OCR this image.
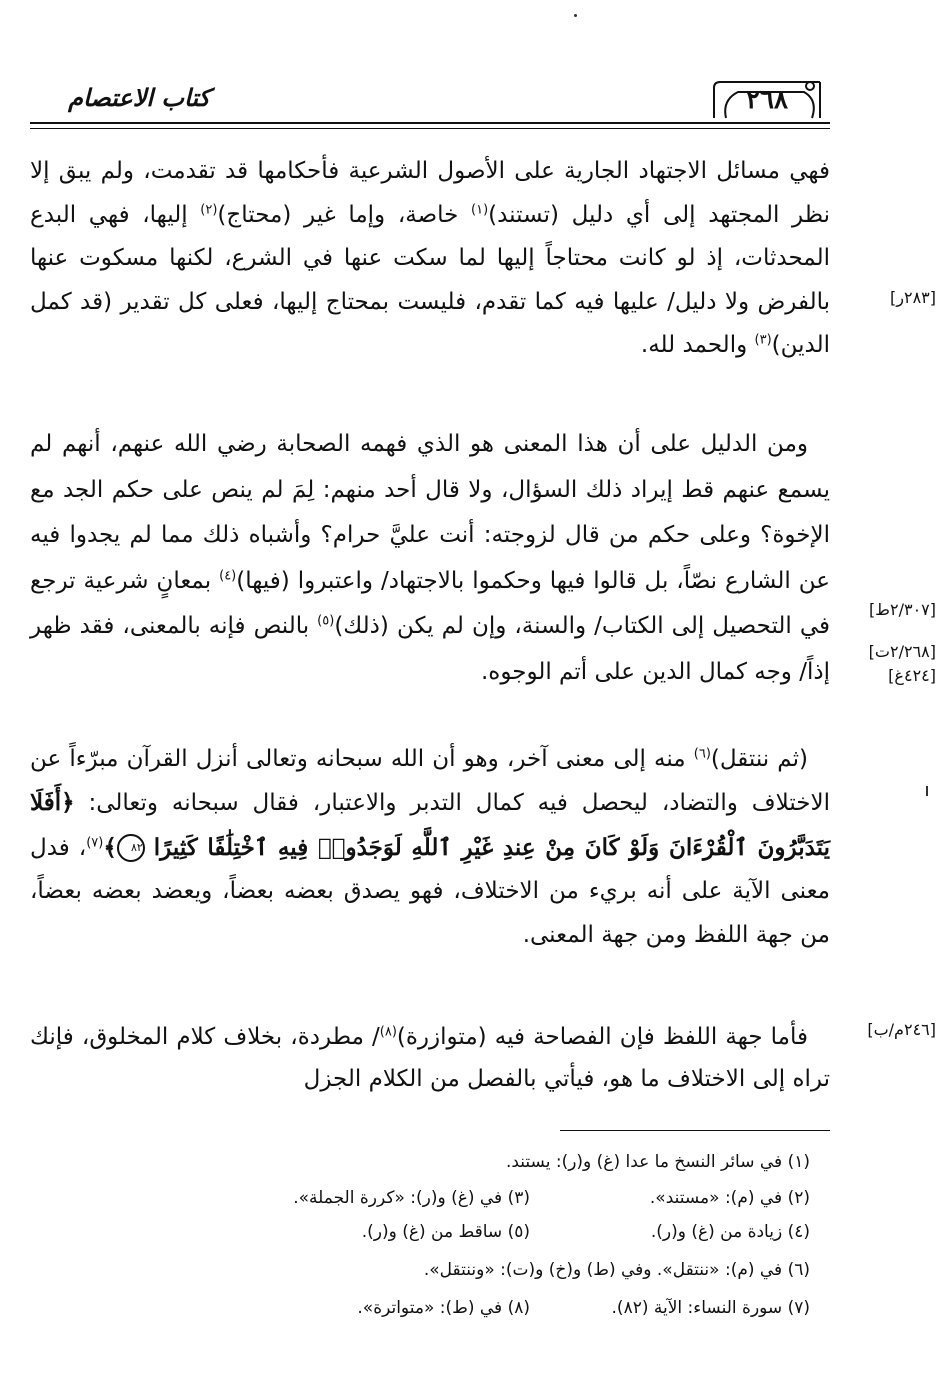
كتاب الاعتصام	٢٦٨
فهي مسائل الاجتهاد الجارية على الأصول الشرعية فأحكامها قد تقدمت، ولم يبق إلا نظر المجتهد إلى أي دليل (تستند)$^{(١)}$ خاصة، وإما غير (محتاج)$^{(٢)}$ إليها، فهي البدع المحدثات، إذ لو كانت محتاجاً إليها لما سكت عنها في الشرع، لكنها مسكوت عنها بالفرض ولا دليل/ عليها فيه كما تقدم، فليست بمحتاج إليها، فعلى كل تقدير (قد كمل الدين)$^{(٣)}$ والحمد لله.
ومن الدليل على أن هذا المعنى هو الذي فهمه الصحابة رضي الله عنهم، أنهم لم يسمع عنهم قط إيراد ذلك السؤال، ولا قال أحد منهم: لِمَ لم ينص على حكم الجد مع الإخوة؟ وعلى حكم من قال لزوجته: أنت عليَّ حرام؟ وأشباه ذلك مما لم يجدوا فيه عن الشارع نصّاً، بل قالوا فيها وحكموا بالاجتهاد/ واعتبروا (فيها)$^{(٤)}$ بمعانٍ شرعية ترجع في التحصيل إلى الكتاب/ والسنة، وإن لم يكن (ذلك)$^{(٥)}$ بالنص فإنه بالمعنى، فقد ظهر إذاً/ وجه كمال الدين على أتم الوجوه.
(ثم ننتقل)$^{(٦)}$ منه إلى معنى آخر، وهو أن الله سبحانه وتعالى أنزل القرآن مبرّءاً عن الاختلاف والتضاد، ليحصل فيه كمال التدبر والاعتبار، فقال سبحانه وتعالى: ﴿أَفَلَا يَتَدَبَّرُونَ ٱلْقُرْءَانَ وَلَوْ كَانَ مِنْ عِندِ غَيْرِ ٱللَّهِ لَوَجَدُوا۟ فِيهِ ٱخْتِلَٰفًا كَثِيرًا ٨٢﴾$^{(٧)}$، فدل معنى الآية على أنه بريء من الاختلاف، فهو يصدق بعضه بعضاً، ويعضد بعضه بعضاً، من جهة اللفظ ومن جهة المعنى.
فأما جهة اللفظ فإن الفصاحة فيه (متوازرة)$^{(٨)}$/ مطردة، بخلاف كلام المخلوق، فإنك تراه إلى الاختلاف ما هو، فيأتي بالفصل من الكلام الجزل
[٢٨٣ر]
[٢/٣٠٧ط]
[٢/٢٦٨ت]
[٤٢٤غ]
[٢٤٦م/ب]
(١) في سائر النسخ ما عدا (غ) و(ر): يستند.
(٢) في (م): «مستند».
(٣) في (غ) و(ر): «كررة الجملة».
(٤) زيادة من (غ) و(ر).
(٥) ساقط من (غ) و(ر).
(٦) في (م): «ننتقل». وفي (ط) و(خ) و(ت): «وننتقل».
(٧) سورة النساء: الآية (٨٢).
(٨) في (ط): «متواترة».
